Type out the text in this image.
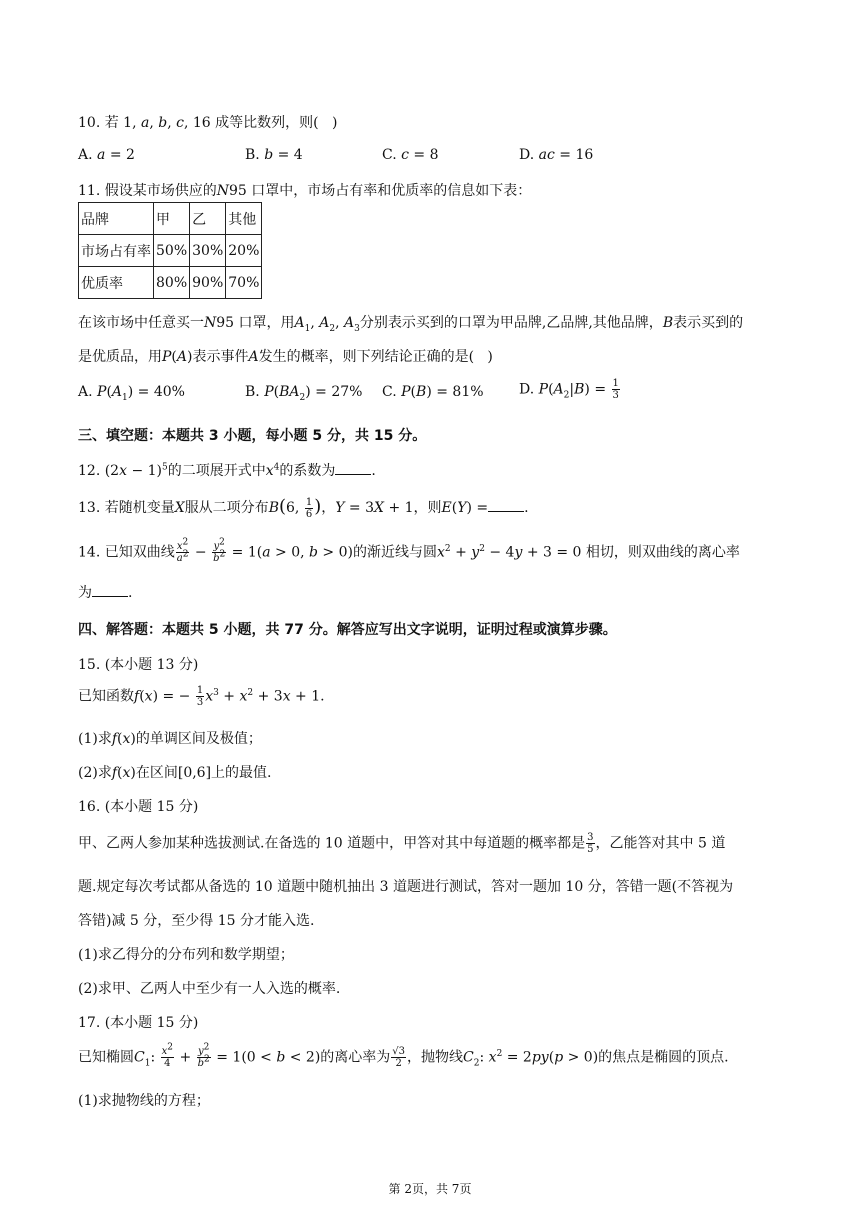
10. 若 1, a, b, c, 16 成等比数列，则(   )
A. a = 2	B. b = 4	C. c = 8	D. ac = 16
11. 假设某市场供应的N95 口罩中，市场占有率和优质率的信息如下表：
品牌	甲	乙	其他
市场占有率	50%	30%	20%
优质率	80%	90%	70%
在该市场中任意买一N95 口罩，用$A_1$, $A_2$, $A_3$分别表示买到的口罩为甲品牌,乙品牌,其他品牌，B表示买到的
是优质品，用P(A)表示事件A发生的概率，则下列结论正确的是(   )
A. $P(A_1) = 40\%$	B. $P(BA_2) = 27\%$ C. P(B) = 81%	D. $P(A_2|B) = \frac{1}{3}$
三、填空题：本题共 3 小题，每小题 5 分，共 15 分。
12. $(2x - 1)^5$的二项展开式中$x^4$的系数为	.
13. 若随机变量X服从二项分布B(6, $\frac{1}{6}$ )，Y = 3X + 1，则E(Y) =	.
14. 已知双曲线 $\frac{x^2}{a^2} - \frac{y^2}{b^2} = 1(a > 0$, b > 0)的渐近线与圆$x^2 + y^2 - 4y + 3 = 0$ 相切，则双曲线的离心率
为	.
四、解答题：本题共 5 小题，共 77 分。解答应写出文字说明，证明过程或演算步骤。
15. (本小题 13 分)
已知函数f(x) = − $\frac{1}{3} x^3 + x^2 + 3x + 1$.
(1)求f(x)的单调区间及极值；
(2)求f(x)在区间[0,6]上的最值.
16. (本小题 15 分)
甲、乙两人参加某种选拔测试.在备选的 10 道题中，甲答对其中每道题的概率都是 $\frac{3}{5}$ ，乙能答对其中 5 道
题.规定每次考试都从备选的 10 道题中随机抽出 3 道题进行测试，答对一题加 10 分，答错一题(不答视为
答错)减 5 分，至少得 15 分才能入选.
(1)求乙得分的分布列和数学期望；
(2)求甲、乙两人中至少有一人入选的概率.
17. (本小题 15 分)
已知椭圆$C_1$: $\frac{x^2}{4} + \frac{y^2}{b^2} = 1(0 < b < 2)$的离心率为 $\frac{√3}{2}$ ，抛物线$C_2$: $x^2 = 2py(p > 0)$的焦点是椭圆的顶点.
(1)求抛物线的方程；
第 2页，共 7页
